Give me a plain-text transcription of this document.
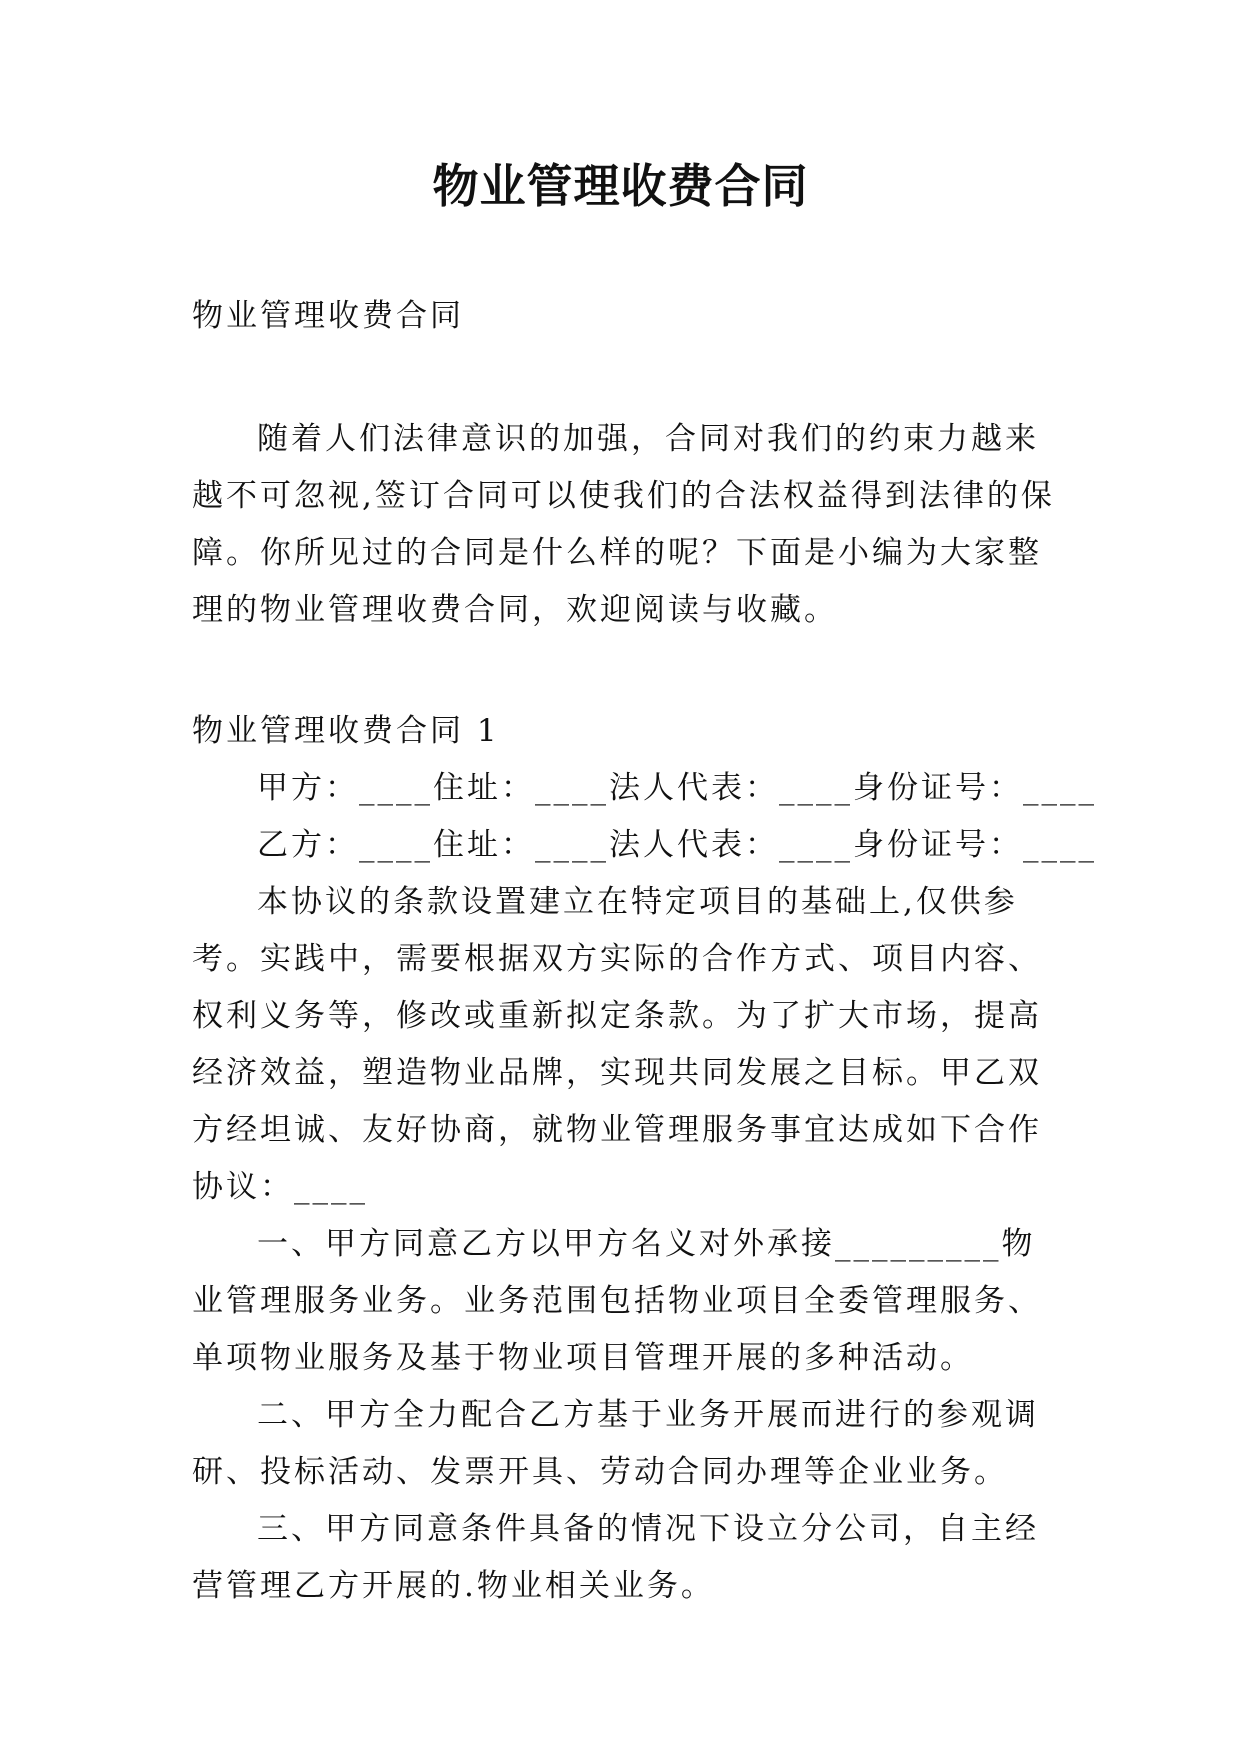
物业管理收费合同

物业管理收费合同

随着人们法律意识的加强，合同对我们的约束力越来越不可忽视,签订合同可以使我们的合法权益得到法律的保障。你所见过的合同是什么样的呢？下面是小编为大家整理的物业管理收费合同，欢迎阅读与收藏。

物业管理收费合同 1

甲方：____住址：____法人代表：____身份证号：____

乙方：____住址：____法人代表：____身份证号：____

本协议的条款设置建立在特定项目的基础上,仅供参考。实践中，需要根据双方实际的合作方式、项目内容、权利义务等，修改或重新拟定条款。为了扩大市场，提高经济效益，塑造物业品牌，实现共同发展之目标。甲乙双方经坦诚、友好协商，就物业管理服务事宜达成如下合作协议：____

一、甲方同意乙方以甲方名义对外承接_________物业管理服务业务。业务范围包括物业项目全委管理服务、单项物业服务及基于物业项目管理开展的多种活动。

二、甲方全力配合乙方基于业务开展而进行的参观调研、投标活动、发票开具、劳动合同办理等企业业务。

三、甲方同意条件具备的情况下设立分公司，自主经营管理乙方开展的.物业相关业务。
